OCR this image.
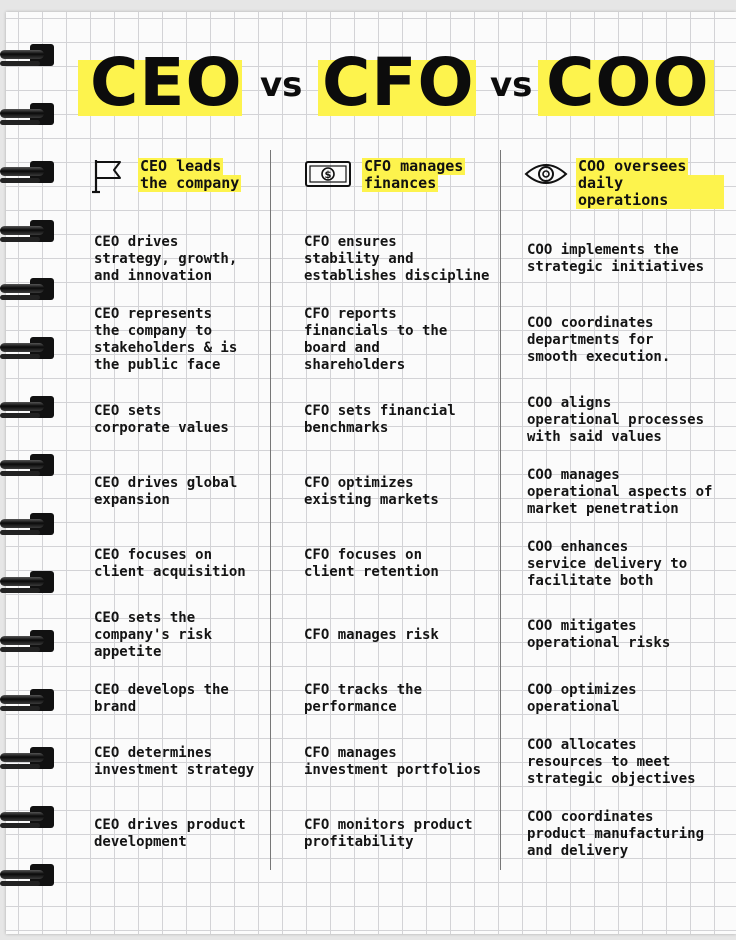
CEO vs CFO vs COO
CEO leads
the company	$
CFO manages
finances
COO oversees
daily operations
CEO drives
strategy, growth,
and innovation
CEO represents
the company to
stakeholders & is
the public face
CEO sets
corporate values
CEO drives global
expansion
CEO focuses on
client acquisition
CEO sets the
company's risk
appetite
CEO develops the
brand
CEO determines
investment strategy
CEO drives product
development
CFO ensures
stability and
establishes discipline
CFO reports
financials to the
board and
shareholders
CFO sets financial
benchmarks
CFO optimizes
existing markets
CFO focuses on
client retention
CFO manages risk
CFO tracks the
performance
CFO manages
investment portfolios
CFO monitors product
profitability
COO implements the
strategic initiatives
COO coordinates
departments for
smooth execution.
COO aligns
operational processes
with said values
COO manages
operational aspects of
market penetration
COO enhances
service delivery to
facilitate both
COO mitigates
operational risks
COO optimizes
operational
COO allocates
resources to meet
strategic objectives
COO coordinates
product manufacturing
and delivery
